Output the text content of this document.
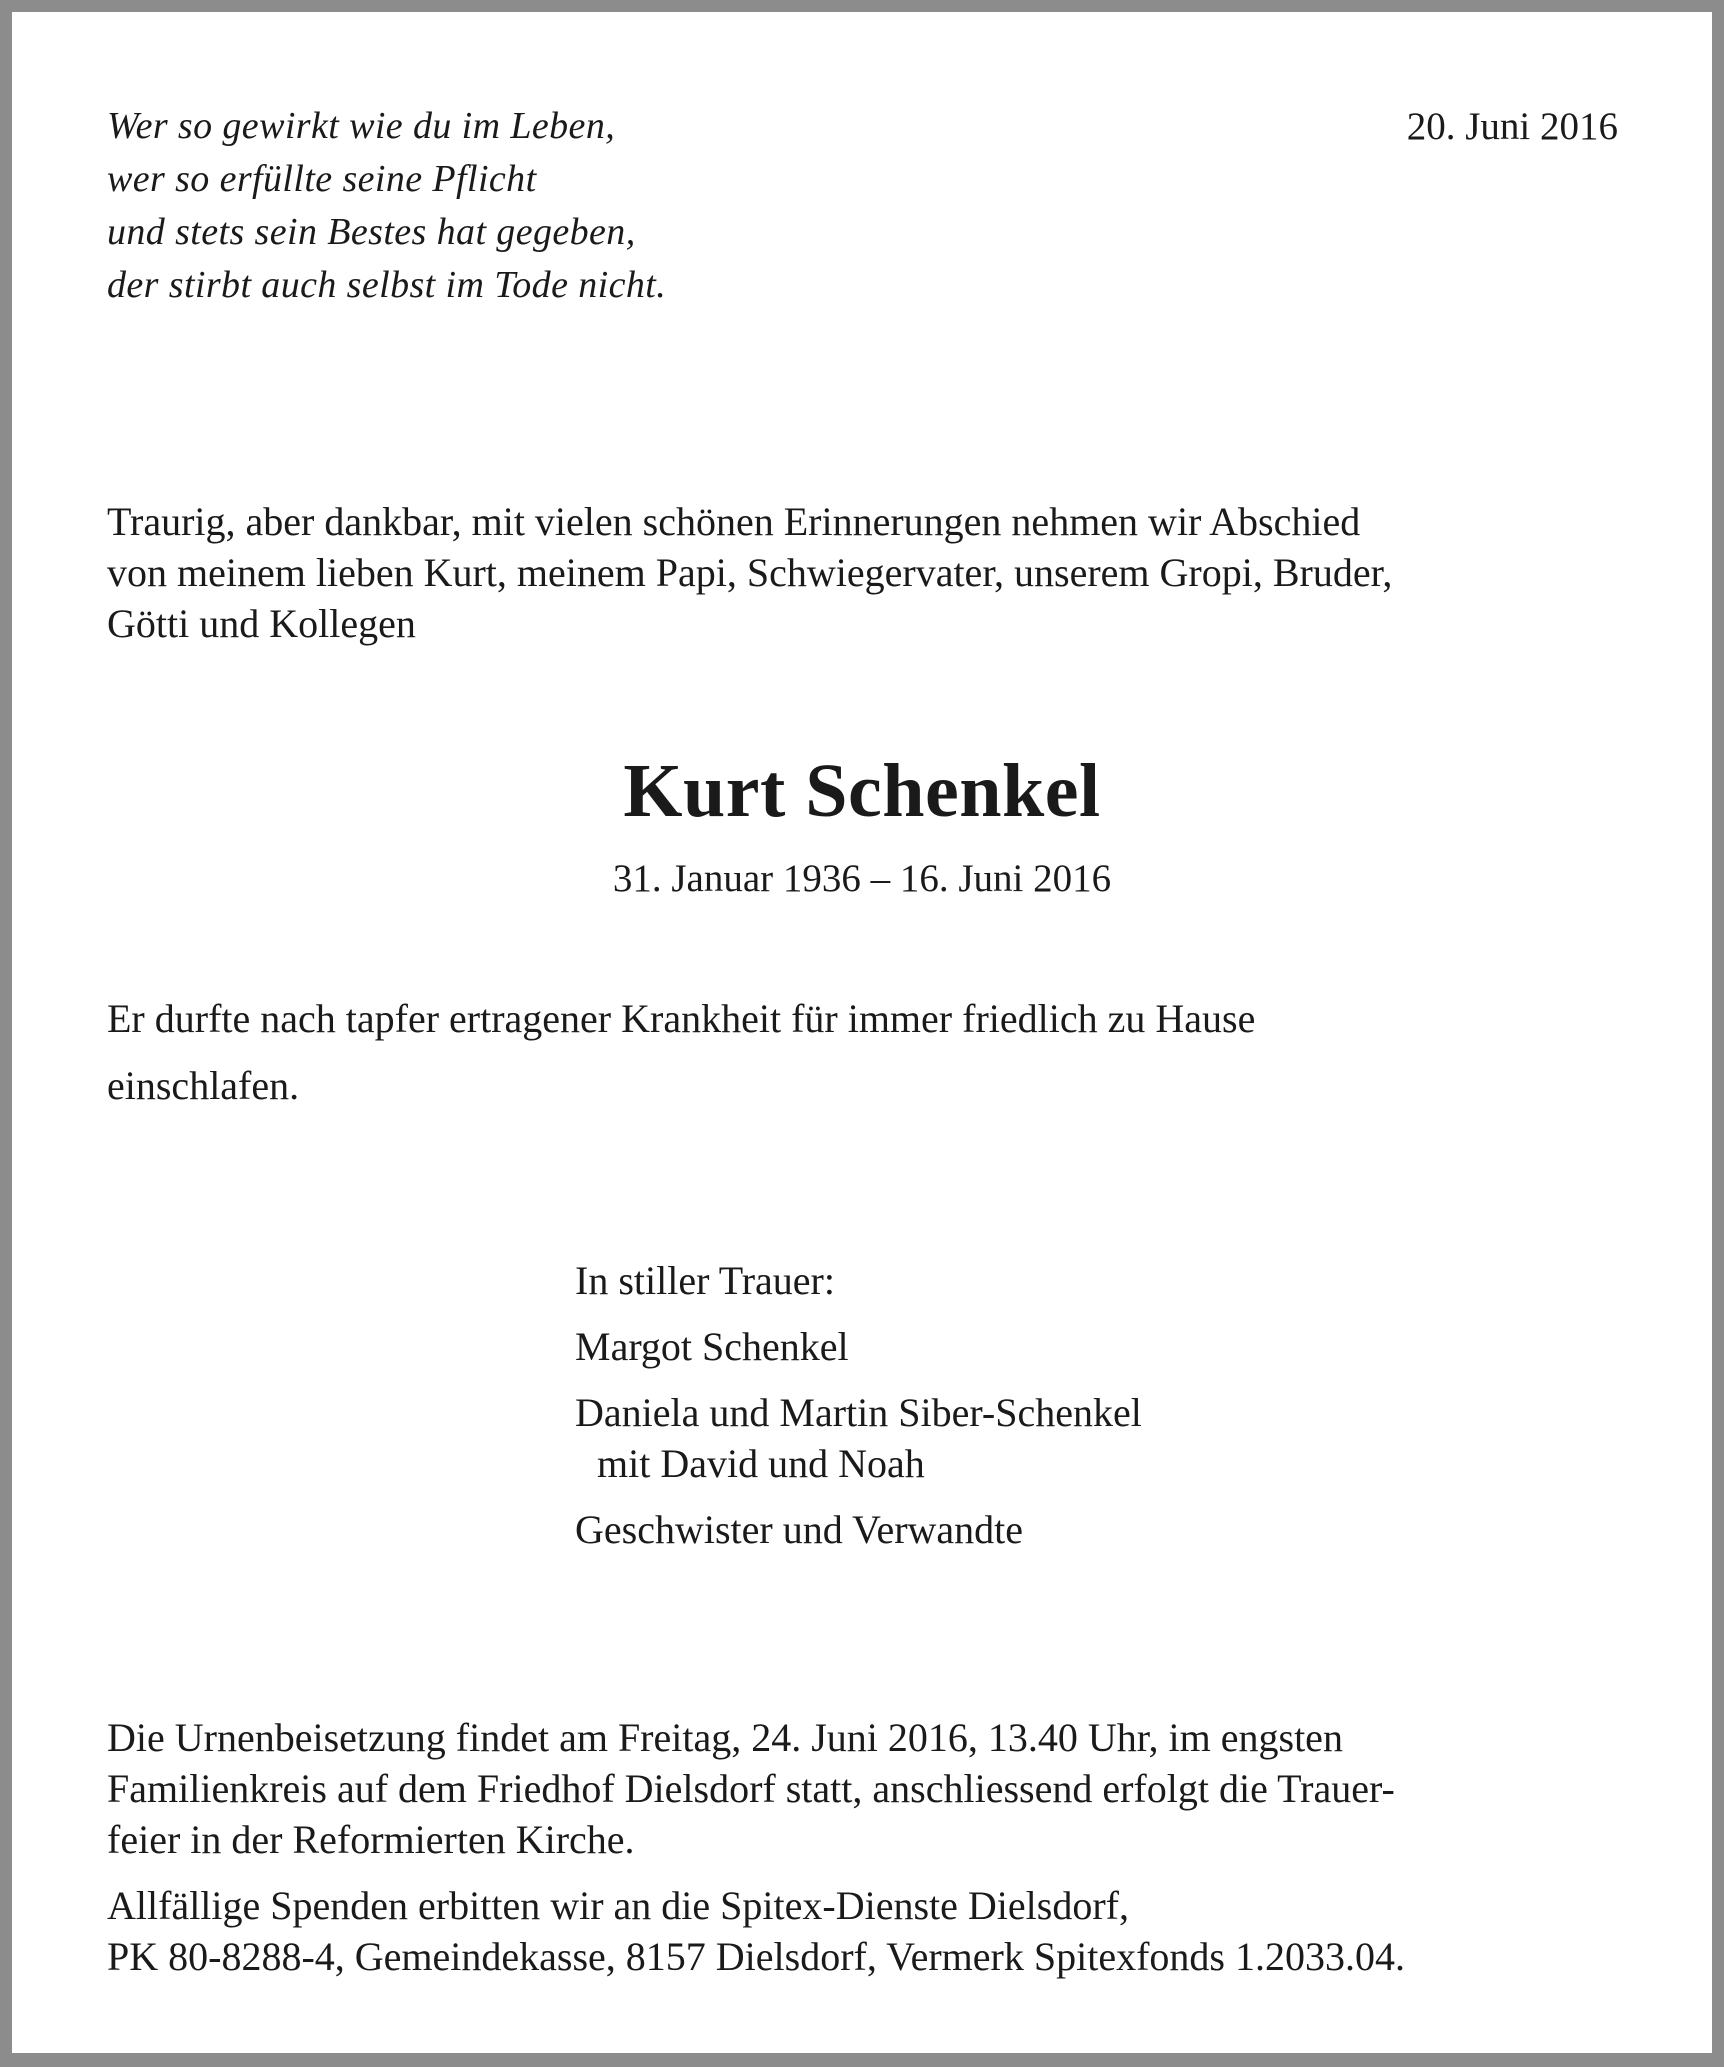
Wer so gewirkt wie du im Leben,
wer so erfüllte seine Pflicht
und stets sein Bestes hat gegeben,
der stirbt auch selbst im Tode nicht.
20. Juni 2016
Traurig, aber dankbar, mit vielen schönen Erinnerungen nehmen wir Abschied
von meinem lieben Kurt, meinem Papi, Schwiegervater, unserem Gropi, Bruder,
Götti und Kollegen
Kurt Schenkel
31. Januar 1936 – 16. Juni 2016
Er durfte nach tapfer ertragener Krankheit für immer friedlich zu Hause
einschlafen.
In stiller Trauer:
Margot Schenkel
Daniela und Martin Siber-Schenkel
mit David und Noah
Geschwister und Verwandte
Die Urnenbeisetzung findet am Freitag, 24. Juni 2016, 13.40 Uhr, im engsten
Familienkreis auf dem Friedhof Dielsdorf statt, anschliessend erfolgt die Trauer-
feier in der Reformierten Kirche.
Allfällige Spenden erbitten wir an die Spitex-Dienste Dielsdorf,
PK 80-8288-4, Gemeindekasse, 8157 Dielsdorf, Vermerk Spitexfonds 1.2033.04.
